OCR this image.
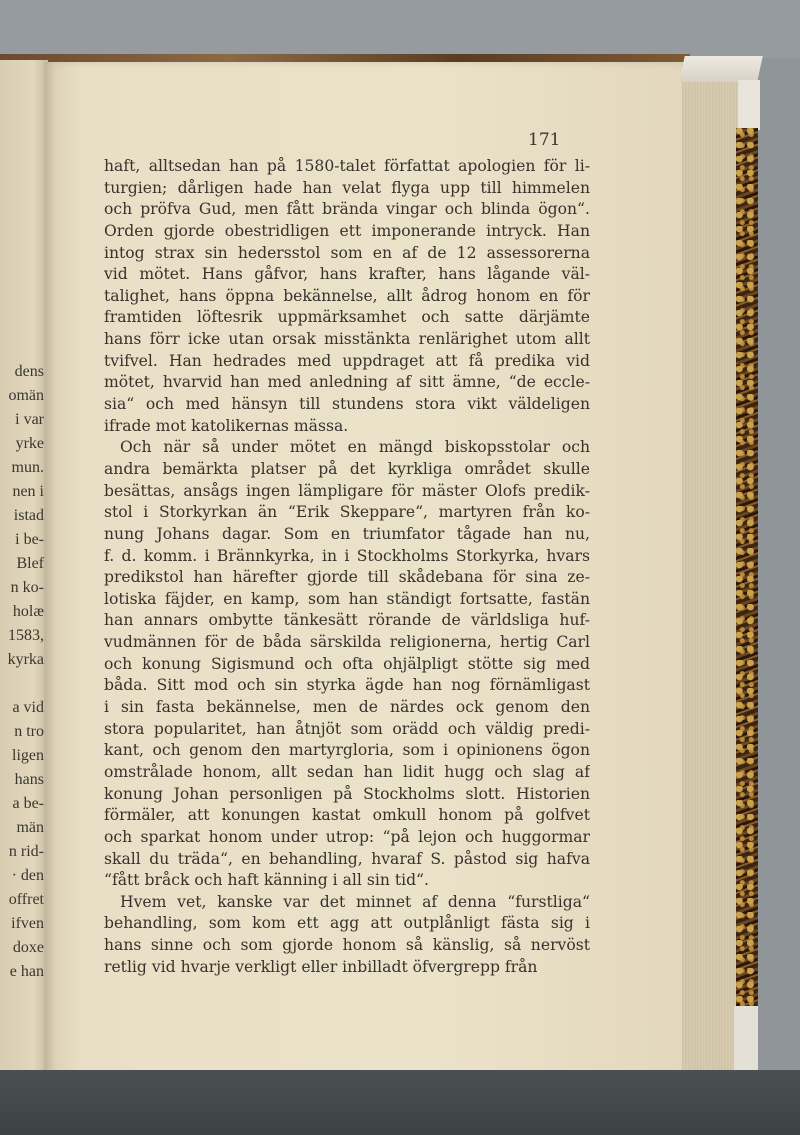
dens
omän
i var
yrke
mun.
nen i
istad
i be-
Blef
n ko-
holæ
1583,
kyrka
a vid
n tro
ligen
hans
a be-
män
n rid-
· den
offret
ifven
doxe
e han
171
haft, alltsedan han på 1580-talet författat apologien för li-
turgien; dårligen hade han velat flyga upp till himmelen
och pröfva Gud, men fått brända vingar och blinda ögon“.
Orden gjorde obestridligen ett imponerande intryck. Han
intog strax sin hedersstol som en af de 12 assessorerna
vid mötet. Hans gåfvor, hans krafter, hans lågande väl-
talighet, hans öppna bekännelse, allt ådrog honom en för
framtiden löftesrik uppmärksamhet och satte därjämte
hans förr icke utan orsak misstänkta renlärighet utom allt
tvifvel. Han hedrades med uppdraget att få predika vid
mötet, hvarvid han med anledning af sitt ämne, “de eccle-
sia“ och med hänsyn till stundens stora vikt väldeligen
ifrade mot katolikernas mässa.
Och när så under mötet en mängd biskopsstolar och
andra bemärkta platser på det kyrkliga området skulle
besättas, ansågs ingen lämpligare för mäster Olofs predik-
stol i Storkyrkan än “Erik Skeppare“, martyren från ko-
nung Johans dagar. Som en triumfator tågade han nu,
f. d. komm. i Brännkyrka, in i Stockholms Storkyrka, hvars
predikstol han härefter gjorde till skådebana för sina ze-
lotiska fäjder, en kamp, som han ständigt fortsatte, fastän
han annars ombytte tänkesätt rörande de världsliga huf-
vudmännen för de båda särskilda religionerna, hertig Carl
och konung Sigismund och ofta ohjälpligt stötte sig med
båda. Sitt mod och sin styrka ägde han nog förnämligast
i sin fasta bekännelse, men de närdes ock genom den
stora popularitet, han åtnjöt som orädd och väldig predi-
kant, och genom den martyrgloria, som i opinionens ögon
omstrålade honom, allt sedan han lidit hugg och slag af
konung Johan personligen på Stockholms slott. Historien
förmäler, att konungen kastat omkull honom på golfvet
och sparkat honom under utrop: “på lejon och huggormar
skall du träda“, en behandling, hvaraf S. påstod sig hafva
“fått bråck och haft känning i all sin tid“.
Hvem vet, kanske var det minnet af denna “furstliga“
behandling, som kom ett agg att outplånligt fästa sig i
hans sinne och som gjorde honom så känslig, så nervöst
retlig vid hvarje verkligt eller inbilladt öfvergrepp från
